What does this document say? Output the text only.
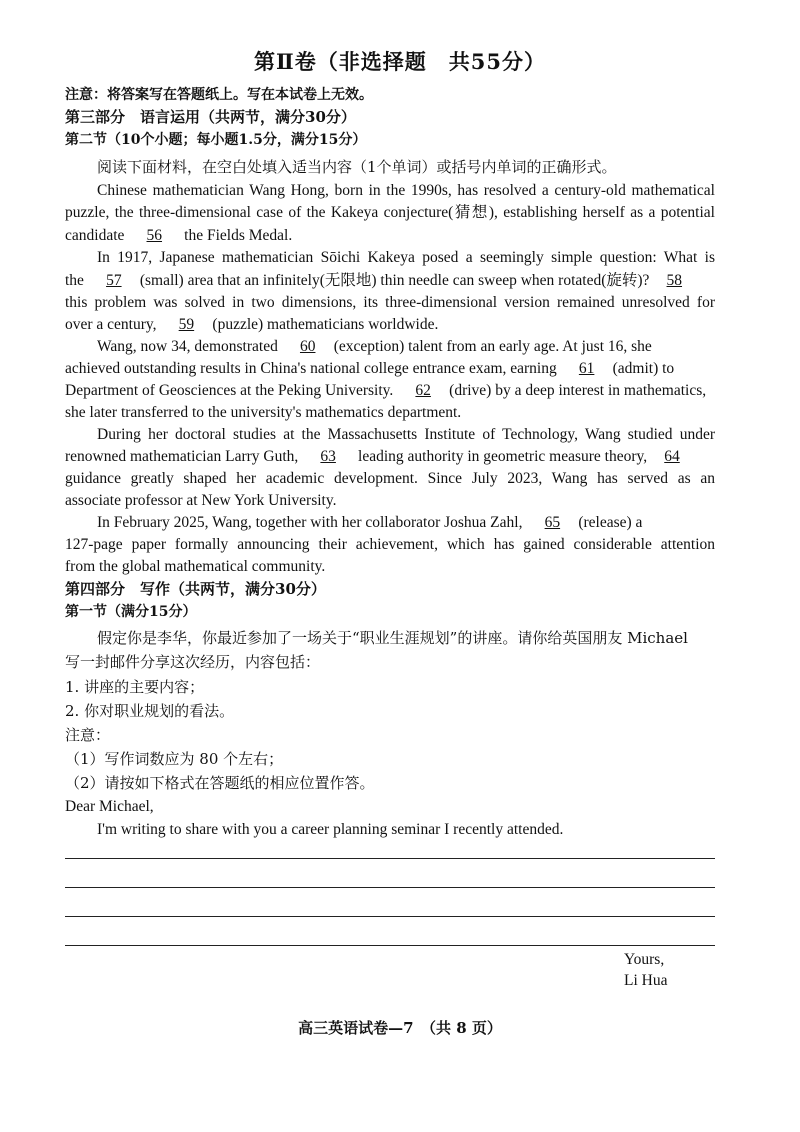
第Ⅱ卷（非选择题　共55分）
注意：将答案写在答题纸上。写在本试卷上无效。
第三部分　语言运用（共两节，满分30分）
第二节（10个小题；每小题1.5分，满分15分）
阅读下面材料，在空白处填入适当内容（1个单词）或括号内单词的正确形式。
Chinese mathematician Wang Hong, born in the 1990s, has resolved a century-old mathematical
puzzle, the three-dimensional case of the Kakeya conjecture(猜想), establishing herself as a potential
candidate 56 the Fields Medal.
In 1917, Japanese mathematician Sōichi Kakeya posed a seemingly simple question: What is
the 57 (small) area that an infinitely(无限地) thin needle can sweep when rotated(旋转)? 58
this problem was solved in two dimensions, its three-dimensional version remained unresolved for
over a century, 59 (puzzle) mathematicians worldwide.
Wang, now 34, demonstrated 60 (exception) talent from an early age. At just 16, she
achieved outstanding results in China's national college entrance exam, earning 61 (admit) to
Department of Geosciences at the Peking University. 62 (drive) by a deep interest in mathematics,
she later transferred to the university's mathematics department.
During her doctoral studies at the Massachusetts Institute of Technology, Wang studied under
renowned mathematician Larry Guth, 63 leading authority in geometric measure theory, 64
guidance greatly shaped her academic development. Since July 2023, Wang has served as an
associate professor at New York University.
In February 2025, Wang, together with her collaborator Joshua Zahl, 65 (release) a
127-page paper formally announcing their achievement, which has gained considerable attention
from the global mathematical community.
第四部分　写作（共两节，满分30分）
第一节（满分15分）
假定你是李华，你最近参加了一场关于“职业生涯规划”的讲座。请你给英国朋友 Michael
写一封邮件分享这次经历，内容包括：
1. 讲座的主要内容；
2. 你对职业规划的看法。
注意：
（1）写作词数应为 80 个左右；
（2）请按如下格式在答题纸的相应位置作答。
Dear Michael,
I'm writing to share with you a career planning seminar I recently attended.
Yours,
Li Hua
高三英语试卷—7　（共 8 页）
